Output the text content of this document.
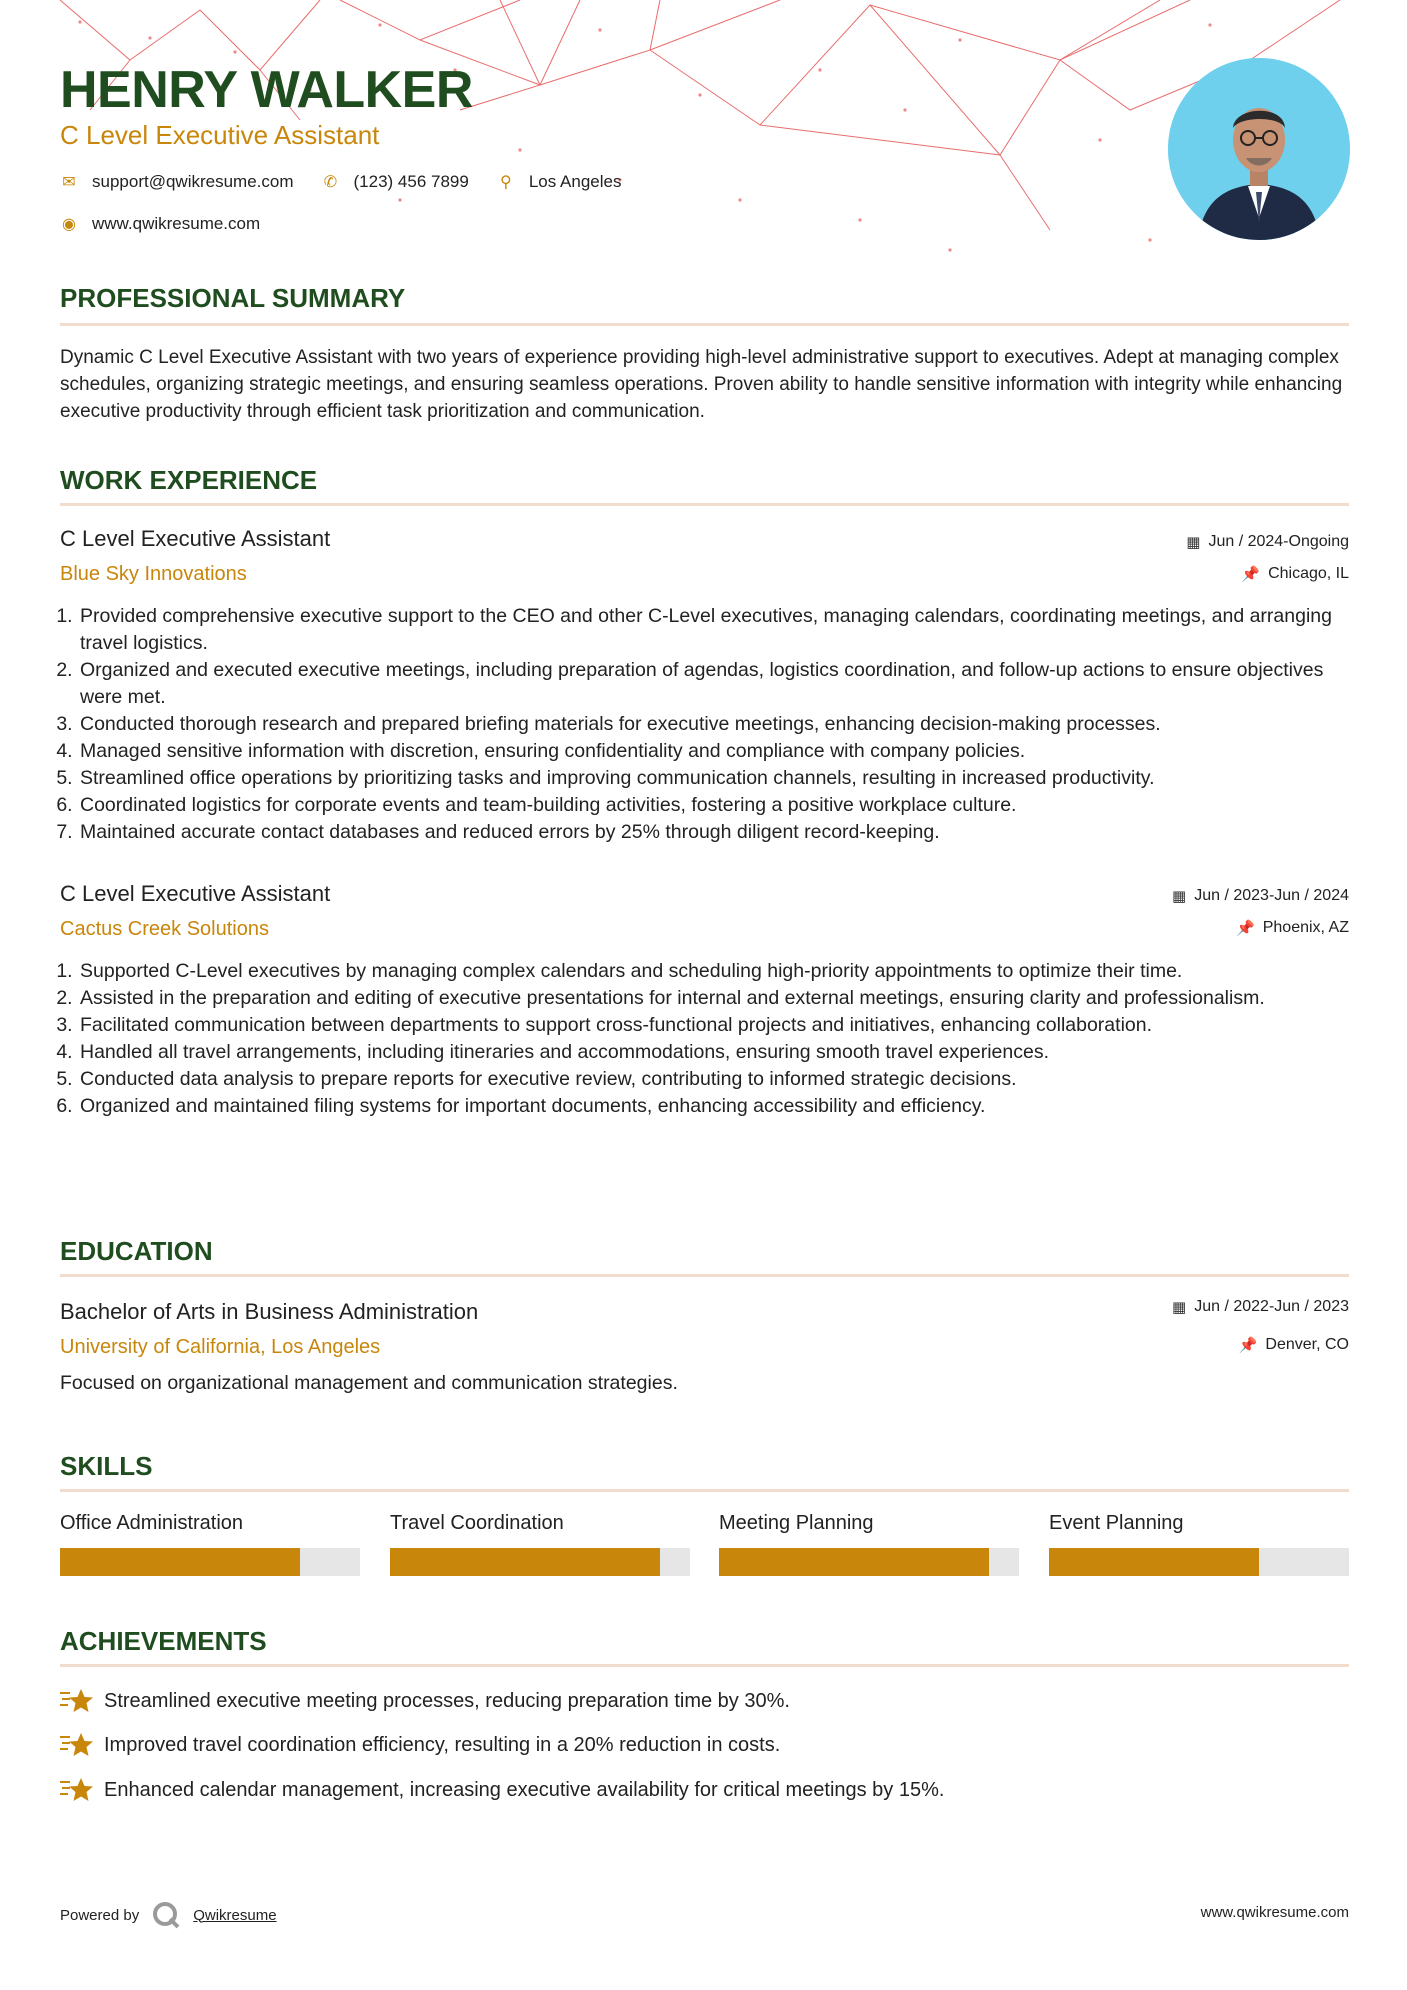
HENRY WALKER

C Level Executive Assistant

✉ support@qwikresume.com ✆ (123) 456 7899 ⚲ Los Angeles
◉ www.qwikresume.com
PROFESSIONAL SUMMARY

Dynamic C Level Executive Assistant with two years of experience providing high-level administrative support to executives. Adept at managing complex schedules, organizing strategic meetings, and ensuring seamless operations. Proven ability to handle sensitive information with integrity while enhancing executive productivity through efficient task prioritization and communication.

WORK EXPERIENCE

C Level Executive Assistant

Blue Sky Innovations

▦ Jun / 2024-Ongoing
📌 Chicago, IL
1. Provided comprehensive executive support to the CEO and other C-Level executives, managing calendars, coordinating meetings, and arranging travel logistics.
2. Organized and executed executive meetings, including preparation of agendas, logistics coordination, and follow-up actions to ensure objectives were met.
3. Conducted thorough research and prepared briefing materials for executive meetings, enhancing decision-making processes.
4. Managed sensitive information with discretion, ensuring confidentiality and compliance with company policies.
5. Streamlined office operations by prioritizing tasks and improving communication channels, resulting in increased productivity.
6. Coordinated logistics for corporate events and team-building activities, fostering a positive workplace culture.
7. Maintained accurate contact databases and reduced errors by 25% through diligent record-keeping.

C Level Executive Assistant

Cactus Creek Solutions

▦ Jun / 2023-Jun / 2024
📌 Phoenix, AZ
1. Supported C-Level executives by managing complex calendars and scheduling high-priority appointments to optimize their time.
2. Assisted in the preparation and editing of executive presentations for internal and external meetings, ensuring clarity and professionalism.
3. Facilitated communication between departments to support cross-functional projects and initiatives, enhancing collaboration.
4. Handled all travel arrangements, including itineraries and accommodations, ensuring smooth travel experiences.
5. Conducted data analysis to prepare reports for executive review, contributing to informed strategic decisions.
6. Organized and maintained filing systems for important documents, enhancing accessibility and efficiency.
EDUCATION

Bachelor of Arts in Business Administration

University of California, Los Angeles

▦ Jun / 2022-Jun / 2023
📌 Denver, CO

Focused on organizational management and communication strategies.

SKILLS

Office Administration	Travel Coordination	Meeting Planning	Event Planning

ACHIEVEMENTS
Streamlined executive meeting processes, reducing preparation time by 30%.
Improved travel coordination efficiency, resulting in a 20% reduction in costs.
Enhanced calendar management, increasing executive availability for critical meetings by 15%.
Powered by	Qwikresume	www.qwikresume.com
